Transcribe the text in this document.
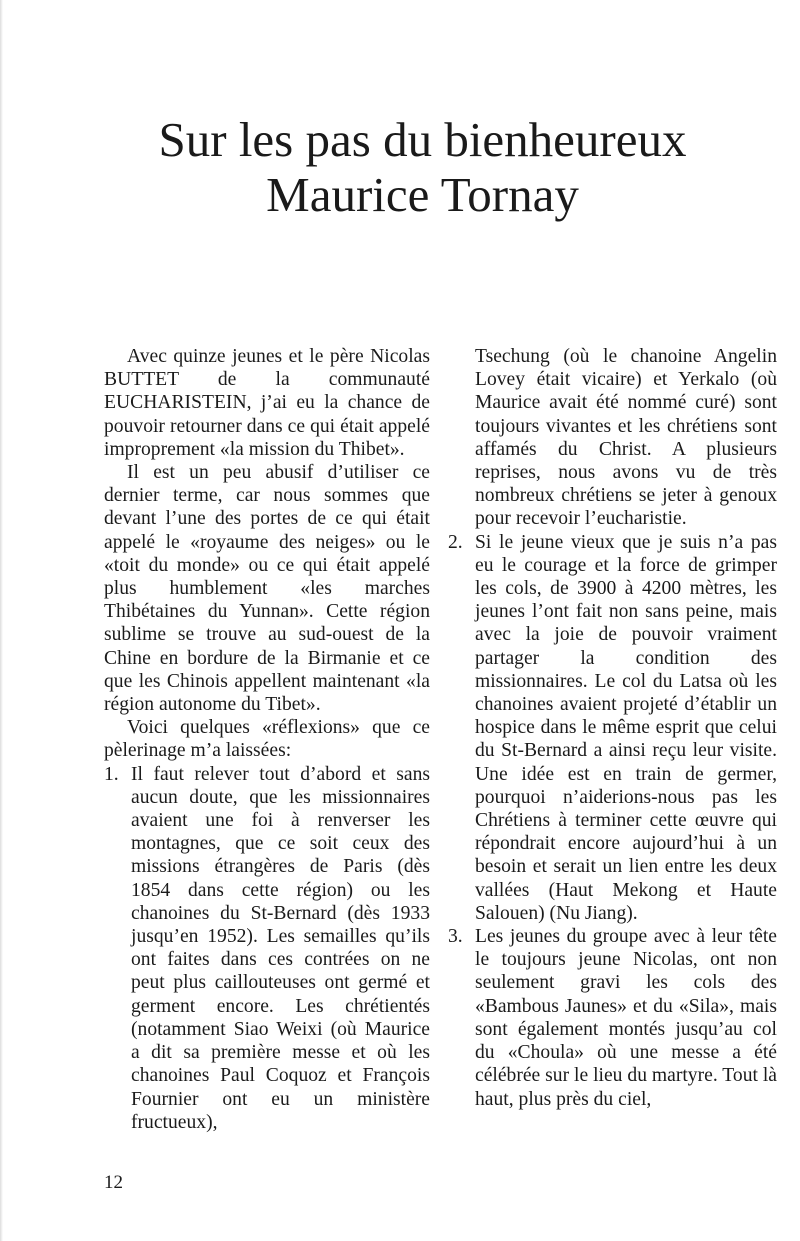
Sur les pas du bienheureux
Maurice Tornay

Avec quinze jeunes et le père Nicolas BUTTET de la communauté EUCHARISTEIN, j’ai eu la chance de pouvoir retourner dans ce qui était appelé improprement «la mission du Thibet».

Il est un peu abusif d’utiliser ce dernier terme, car nous sommes que devant l’une des portes de ce qui était appelé le «royaume des neiges» ou le «toit du monde» ou ce qui était appelé plus humblement «les marches Thibétaines du Yunnan». Cette région sublime se trouve au sud-ouest de la Chine en bordure de la Birmanie et ce que les Chinois appellent maintenant «la région autonome du Tibet».

Voici quelques «réflexions» que ce pèlerinage m’a laissées:

1. Il faut relever tout d’abord et sans aucun doute, que les missionnaires avaient une foi à renverser les montagnes, que ce soit ceux des missions étrangères de Paris (dès 1854 dans cette région) ou les chanoines du St-Bernard (dès 1933 jusqu’en 1952). Les semailles qu’ils ont faites dans ces contrées on ne peut plus caillouteuses ont germé et germent encore. Les chrétientés (notamment Siao Weixi (où Maurice a dit sa première messe et où les chanoines Paul Coquoz et François Fournier ont eu un ministère fructueux),
Tsechung (où le chanoine Angelin Lovey était vicaire) et Yerkalo (où Maurice avait été nommé curé) sont toujours vivantes et les chrétiens sont affamés du Christ. A plusieurs reprises, nous avons vu de très nombreux chrétiens se jeter à genoux pour recevoir l’eucharistie.
2. Si le jeune vieux que je suis n’a pas eu le courage et la force de grimper les cols, de 3900 à 4200 mètres, les jeunes l’ont fait non sans peine, mais avec la joie de pouvoir vraiment partager la condition des missionnaires. Le col du Latsa où les chanoines avaient projeté d’établir un hospice dans le même esprit que celui du St-Bernard a ainsi reçu leur visite. Une idée est en train de germer, pourquoi n’aiderions-nous pas les Chrétiens à terminer cette œuvre qui répondrait encore aujourd’hui à un besoin et serait un lien entre les deux vallées (Haut Mekong et Haute Salouen) (Nu Jiang).
3. Les jeunes du groupe avec à leur tête le toujours jeune Nicolas, ont non seulement gravi les cols des «Bambous Jaunes» et du «Sila», mais sont également montés jusqu’au col du «Choula» où une messe a été célébrée sur le lieu du martyre. Tout là haut, plus près du ciel,
12
